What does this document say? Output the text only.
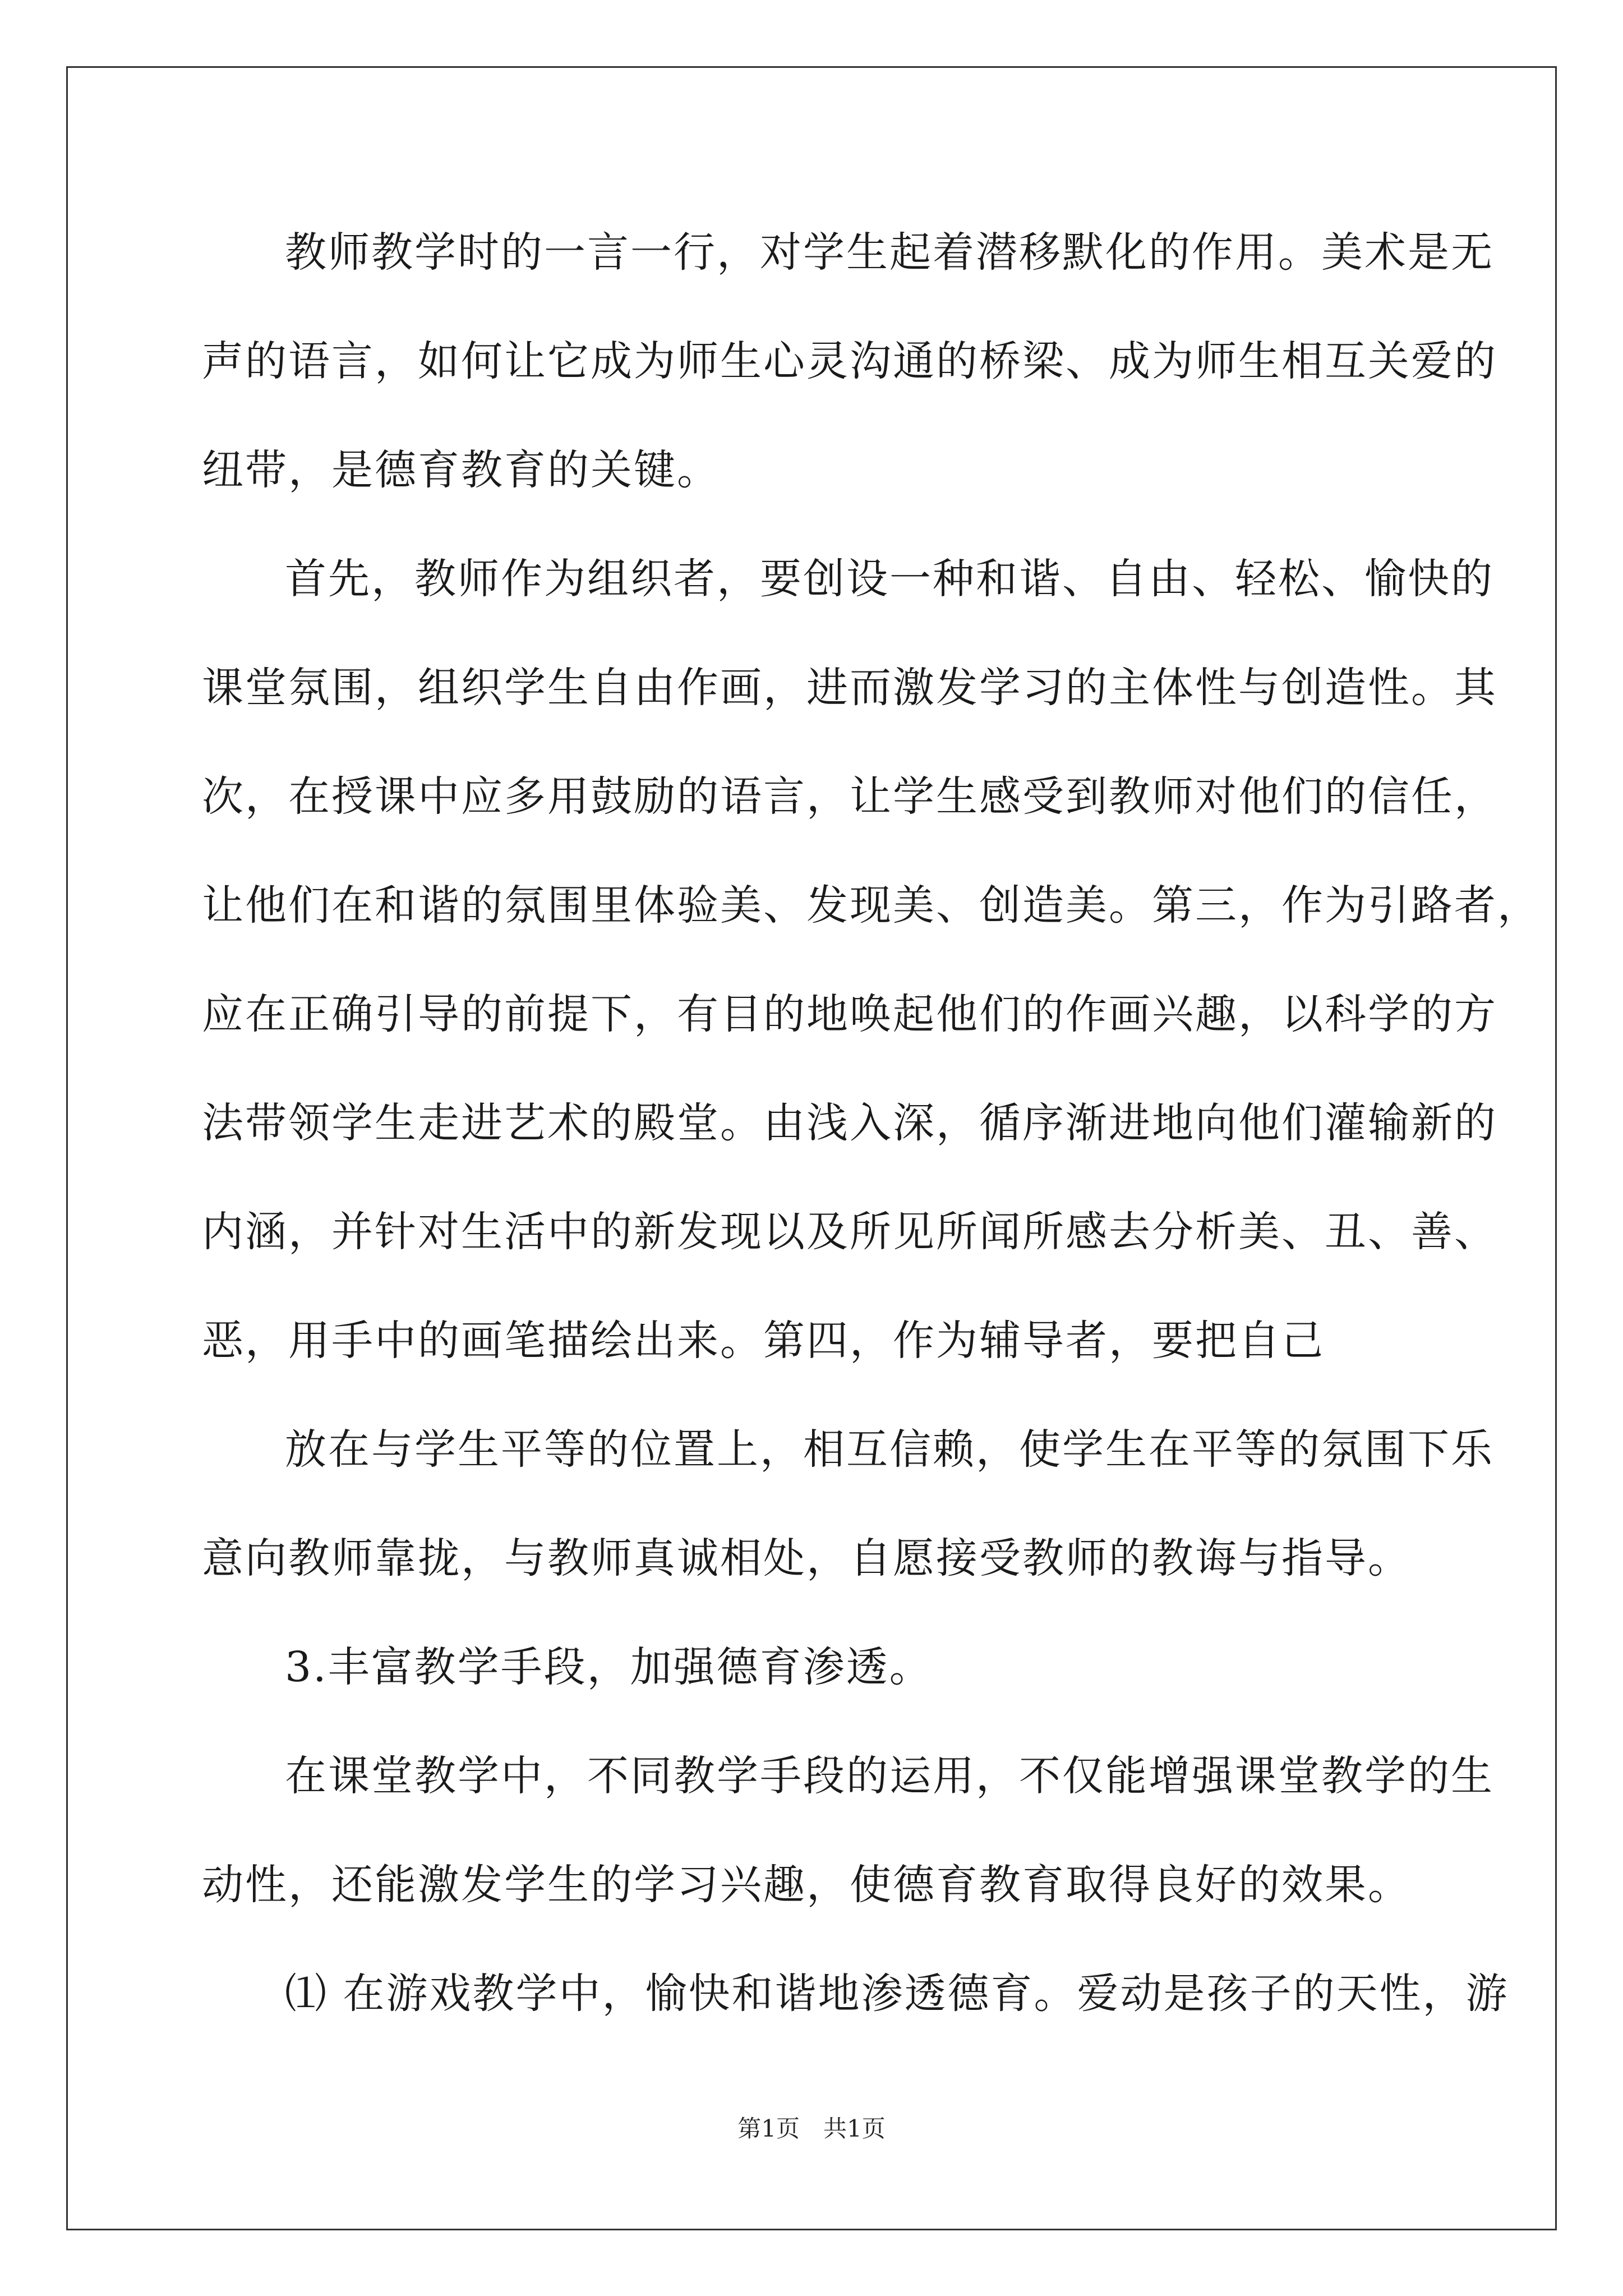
教师教学时的一言一行，对学生起着潜移默化的作用。美术是无
声的语言，如何让它成为师生心灵沟通的桥梁、成为师生相互关爱的
纽带，是德育教育的关键。
首先，教师作为组织者，要创设一种和谐、自由、轻松、愉快的
课堂氛围，组织学生自由作画，进而激发学习的主体性与创造性。其
次，在授课中应多用鼓励的语言，让学生感受到教师对他们的信任，
让他们在和谐的氛围里体验美、发现美、创造美。第三，作为引路者，
应在正确引导的前提下，有目的地唤起他们的作画兴趣，以科学的方
法带领学生走进艺术的殿堂。由浅入深，循序渐进地向他们灌输新的
内涵，并针对生活中的新发现以及所见所闻所感去分析美、丑、善、
恶，用手中的画笔描绘出来。第四，作为辅导者，要把自己
放在与学生平等的位置上，相互信赖，使学生在平等的氛围下乐
意向教师靠拢，与教师真诚相处，自愿接受教师的教诲与指导。
3.丰富教学手段，加强德育渗透。
在课堂教学中，不同教学手段的运用，不仅能增强课堂教学的生
动性，还能激发学生的学习兴趣，使德育教育取得良好的效果。
⑴ 在游戏教学中，愉快和谐地渗透德育。爱动是孩子的天性，游
第1页　共1页
